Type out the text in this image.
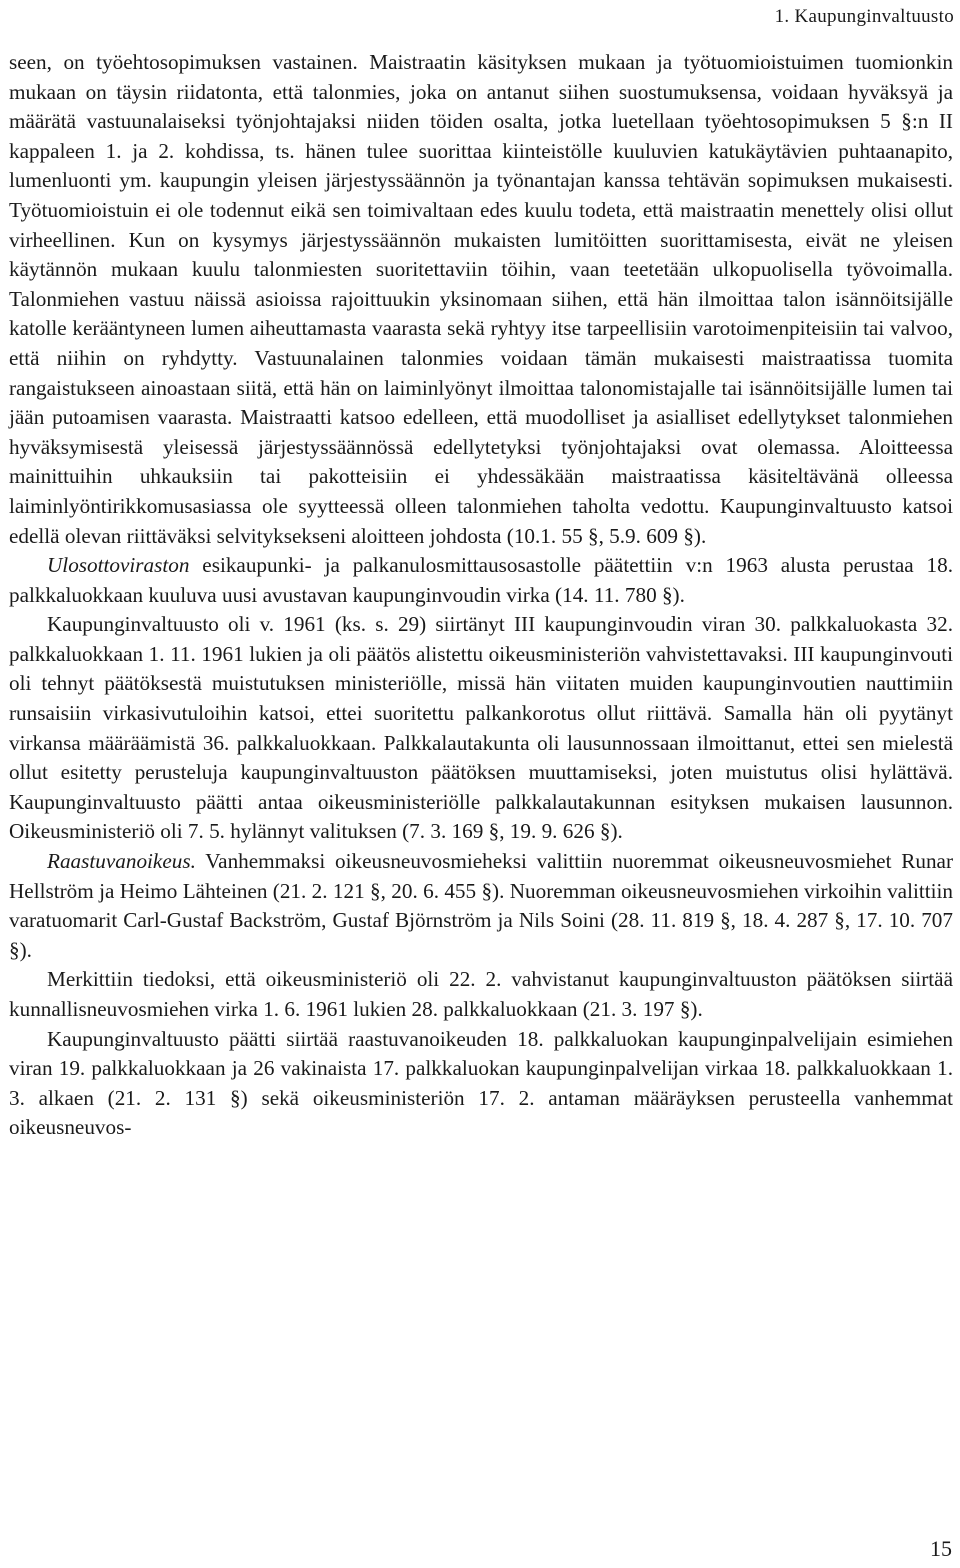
1. Kaupunginvaltuusto

seen, on työehtosopimuksen vastainen. Maistraatin käsityksen mukaan ja työtuomioistuimen tuomionkin mukaan on täysin riidatonta, että talonmies, joka on antanut siihen suostumuksensa, voidaan hyväksyä ja määrätä vastuunalaiseksi työnjohtajaksi niiden töiden osalta, jotka luetellaan työehtosopimuksen 5 §:n II kappaleen 1. ja 2. kohdissa, ts. hänen tulee suorittaa kiinteistölle kuuluvien katukäytävien puhtaanapito, lumenluonti ym. kaupungin yleisen järjestyssäännön ja työnantajan kanssa tehtävän sopimuksen mukaisesti. Työtuomioistuin ei ole todennut eikä sen toimivaltaan edes kuulu todeta, että maistraatin menettely olisi ollut virheellinen. Kun on kysymys järjestyssäännön mukaisten lumitöitten suorittamisesta, eivät ne yleisen käytännön mukaan kuulu talonmiesten suoritettaviin töihin, vaan teetetään ulkopuolisella työvoimalla. Talonmiehen vastuu näissä asioissa rajoittuukin yksinomaan siihen, että hän ilmoittaa talon isännöitsijälle katolle kerääntyneen lumen aiheuttamasta vaarasta sekä ryhtyy itse tarpeellisiin varotoimenpiteisiin tai valvoo, että niihin on ryhdytty. Vastuunalainen talonmies voidaan tämän mukaisesti maistraatissa tuomita rangaistukseen ainoastaan siitä, että hän on laiminlyönyt ilmoittaa talonomistajalle tai isännöitsijälle lumen tai jään putoamisen vaarasta. Maistraatti katsoo edelleen, että muodolliset ja asialliset edellytykset talonmiehen hyväksymisestä yleisessä järjestyssäännössä edellytetyksi työnjohtajaksi ovat olemassa. Aloitteessa mainittuihin uhkauksiin tai pakotteisiin ei yhdessäkään maistraatissa käsiteltävänä olleessa laiminlyöntirikkomusasiassa ole syytteessä olleen talonmiehen taholta vedottu. Kaupunginvaltuusto katsoi edellä olevan riittäväksi selvityksekseni aloitteen johdosta (10.1. 55 §, 5.9. 609 §).

Ulosottoviraston esikaupunki- ja palkanulosmittausosastolle päätettiin v:n 1963 alusta perustaa 18. palkkaluokkaan kuuluva uusi avustavan kaupunginvoudin virka (14. 11. 780 §).

Kaupunginvaltuusto oli v. 1961 (ks. s. 29) siirtänyt III kaupunginvoudin viran 30. palkkaluokasta 32. palkkaluokkaan 1. 11. 1961 lukien ja oli päätös alistettu oikeusministeriön vahvistettavaksi. III kaupunginvouti oli tehnyt päätöksestä muistutuksen ministeriölle, missä hän viitaten muiden kaupunginvoutien nauttimiin runsaisiin virkasivutuloihin katsoi, ettei suoritettu palkankorotus ollut riittävä. Samalla hän oli pyytänyt virkansa määräämistä 36. palkkaluokkaan. Palkkalautakunta oli lausunnossaan ilmoittanut, ettei sen mielestä ollut esitetty perusteluja kaupunginvaltuuston päätöksen muuttamiseksi, joten muistutus olisi hylättävä. Kaupunginvaltuusto päätti antaa oikeusministeriölle palkkalautakunnan esityksen mukaisen lausunnon. Oikeusministeriö oli 7. 5. hylännyt valituksen (7. 3. 169 §, 19. 9. 626 §).

Raastuvanoikeus. Vanhemmaksi oikeusneuvosmieheksi valittiin nuoremmat oikeusneuvosmiehet Runar Hellström ja Heimo Lähteinen (21. 2. 121 §, 20. 6. 455 §). Nuoremman oikeusneuvosmiehen virkoihin valittiin varatuomarit Carl-Gustaf Backström, Gustaf Björnström ja Nils Soini (28. 11. 819 §, 18. 4. 287 §, 17. 10. 707 §).

Merkittiin tiedoksi, että oikeusministeriö oli 22. 2. vahvistanut kaupunginvaltuuston päätöksen siirtää kunnallisneuvosmiehen virka 1. 6. 1961 lukien 28. palkkaluokkaan (21. 3. 197 §).

Kaupunginvaltuusto päätti siirtää raastuvanoikeuden 18. palkkaluokan kaupunginpalvelijain esimiehen viran 19. palkkaluokkaan ja 26 vakinaista 17. palkkaluokan kaupunginpalvelijan virkaa 18. palkkaluokkaan 1. 3. alkaen (21. 2. 131 §) sekä oikeusministeriön 17. 2. antaman määräyksen perusteella vanhemmat oikeusneuvos-

15
